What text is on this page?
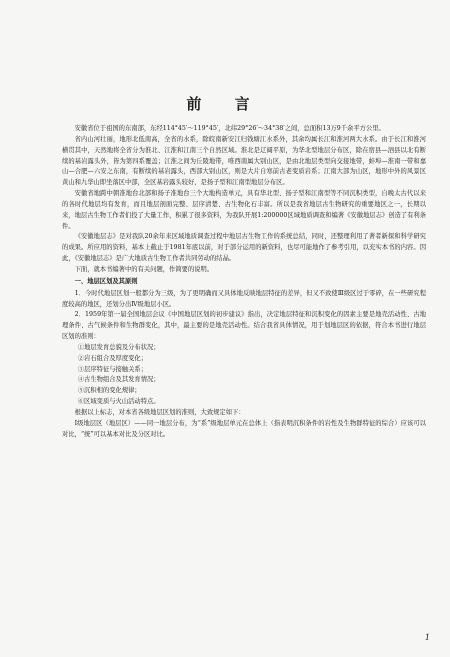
前 言

安徽省位于祖国的东南部，东经114°45′～119°45′，北纬29°26′～34°38′之间，总面积13万9千余平方公里。

省内山河壮丽，地形北低南高，全省的水系，除皖南新安江归钱塘江水系外，其余均属长江和淮河两大水系。由于长江和淮河横贯其中，天然地将全省分为淮北、江淮和江南三个自然区域。淮北是辽阔平原，为华北型地层分布区，除在宿县—泗县以北有断续的基岩露头外，皆为第四系覆盖；江淮之间为丘陵地带，唯西南属大别山区，是由北地层类型向交接地带，蚌埠—淮南一带和嘉山—合肥—六安之东南，有断续的基岩露头，西部大别山区，则是大片自寒前古老变质岩系；江南大部为山区，地形中外的风景区黄山和九华山即坐落区中部，全区基岩露头较好，是扬子型和江南型地层分布区。

安徽省地跨中朝准地台北部和扬子准地台三个大地构造单元，具有华北型、扬子型和江南型等不同沉积类型，自晚太古代以来的各时代地层均有发育，而且地层剖面完整、层序清楚、古生物化石丰富。所以是我省地层古生物研究的重要地区之一，长期以来，地层古生物工作者们投了大量工作，积累了很多资料，为我队开展1:200000区域地质调查和编著《安徽地层志》创造了有利条件。

《安徽地层志》是对我队20余年来区域地质调查过程中地层古生物工作的系统总结，同时，还整理利用了著者新探和科学研究的成果。所应用的资料，基本上截止于1981年底以前，对于部分运用的新资料，也尽可能地作了参考引用，以充实本书的内容。因此，《安徽地层志》是广大地质古生物工作者共同劳动的结晶。

下面，就本书编著中的有关问题，作简要的说明。

一、地层区划及其原则

1．今时代地层区划一般都分为三级，为了更明确而又具体地反映地层特征的差异，但又不致使Ⅲ级区过于零碎，在一些研究程度较高的地区，还划分出Ⅳ级地层小区。

2．1959年第一届全国地层会议《中国地层区划的初步建议》指出，决定地层特征和沉积变化的因素主要是地壳活动性、古地理条件、古气候条件和生物群变化，其中，最主要的是地壳活动性。结合我省具体情况，用于划地层区的依据，符合本书进行地层区划的准则：

①地层发育总貌及分布状况；

②岩石组合及厚度变化；

③层序特征与接触关系；

④古生物组合及其发育情况；

⑤沉积相的变化规律；

⑥区域变质与火山活动特点。

根据以上标志，对本省各级地层区划的准则，大致规定如下：

Ⅰ级地层区（地层区）——同一地层分布，为“系”级地层单元在总体上（指表明沉积条件的岩性及生物群特征的综合）应该可以对比，“统”可以基本对比及分区对比。

1
